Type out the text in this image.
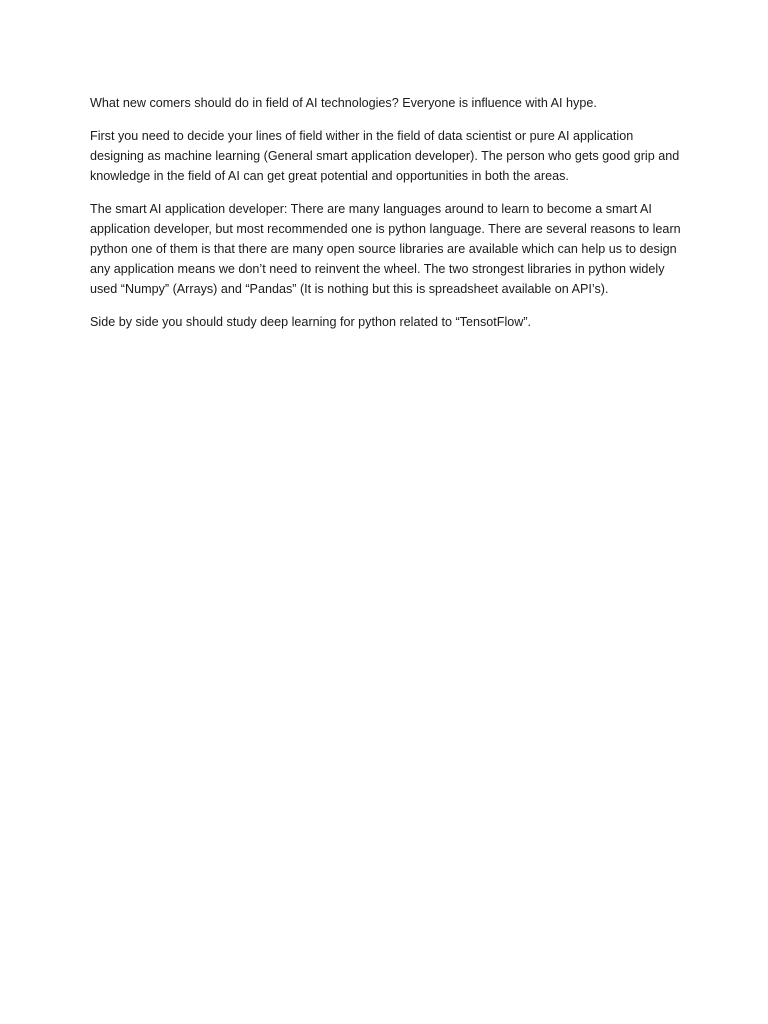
What new comers should do in field of AI technologies? Everyone is influence with AI hype.

First you need to decide your lines of field wither in the field of data scientist or pure AI application designing as machine learning (General smart application developer). The person who gets good grip and knowledge in the field of AI can get great potential and opportunities in both the areas.

The smart AI application developer: There are many languages around to learn to become a smart AI application developer, but most recommended one is python language. There are several reasons to learn python one of them is that there are many open source libraries are available which can help us to design any application means we don’t need to reinvent the wheel. The two strongest libraries in python widely used “Numpy” (Arrays) and “Pandas” (It is nothing but this is spreadsheet available on API’s).

Side by side you should study deep learning for python related to “TensotFlow”.
